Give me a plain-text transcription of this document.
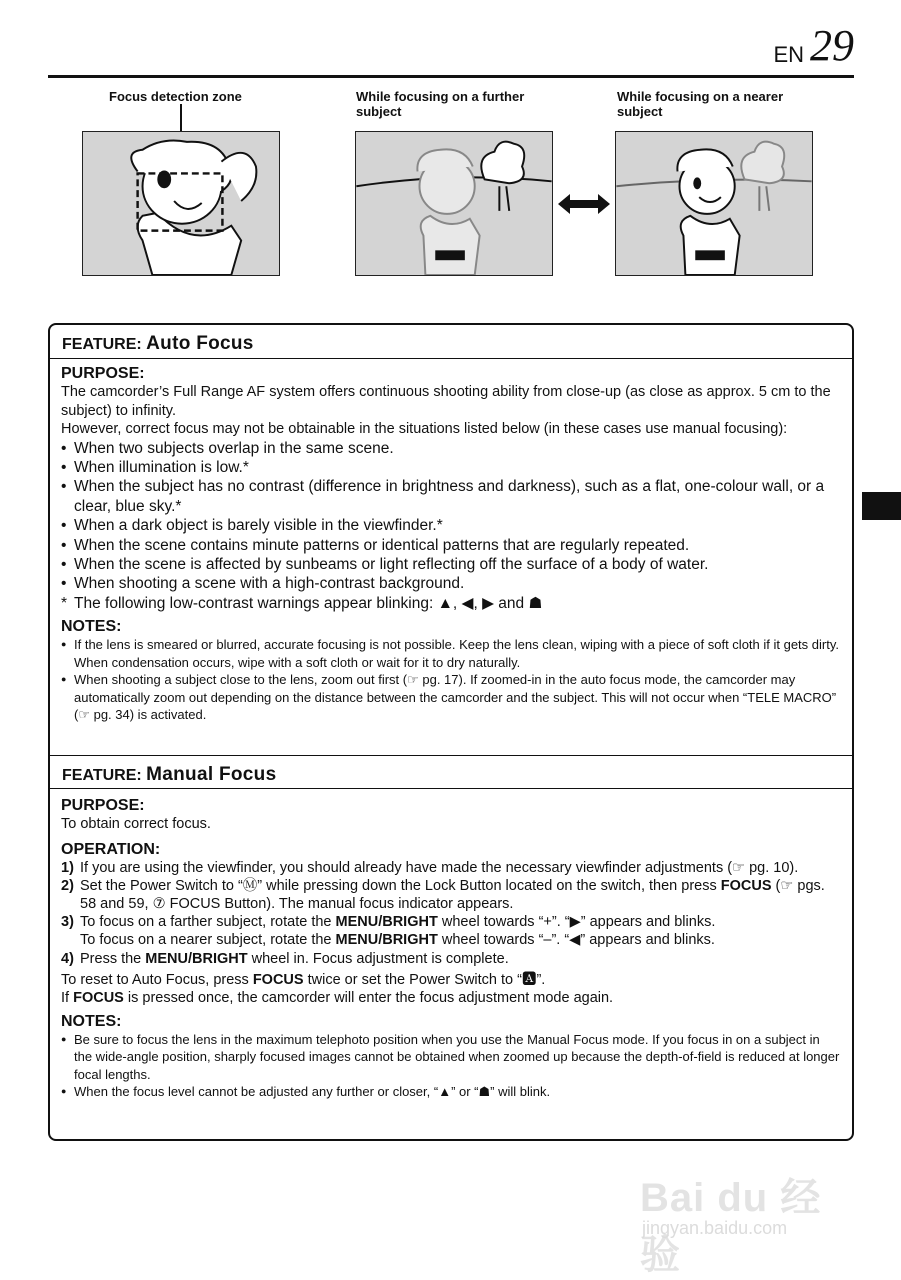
EN 29
Focus detection zone	While focusing on a further subject
While focusing on a nearer subject
FEATURE: Auto Focus
FEATURE: Manual Focus
PURPOSE:
The camcorder’s Full Range AF system offers continuous shooting ability from close-up (as close as approx. 5 cm to the subject) to infinity.
However, correct focus may not be obtainable in the situations listed below (in these cases use manual focusing):
• When two subjects overlap in the same scene.
• When illumination is low.*
• When the subject has no contrast (difference in brightness and darkness), such as a flat, one-colour wall, or a clear, blue sky.*
• When a dark object is barely visible in the viewfinder.*
• When the scene contains minute patterns or identical patterns that are regularly repeated.
• When the scene is affected by sunbeams or light reflecting off the surface of a body of water.
• When shooting a scene with a high-contrast background.
* The following low-contrast warnings appear blinking: ▲, ◀, ▶ and ☗
NOTES:
● If the lens is smeared or blurred, accurate focusing is not possible. Keep the lens clean, wiping with a piece of soft cloth if it gets dirty. When condensation occurs, wipe with a soft cloth or wait for it to dry naturally.
● When shooting a subject close to the lens, zoom out first (☞ pg. 17). If zoomed-in in the auto focus mode, the camcorder may automatically zoom out depending on the distance between the camcorder and the subject. This will not occur when “TELE MACRO” (☞ pg. 34) is activated.
PURPOSE:
To obtain correct focus.
OPERATION:
1) If you are using the viewfinder, you should already have made the necessary viewfinder adjustments (☞ pg. 10).
2) Set the Power Switch to “Ⓜ” while pressing down the Lock Button located on the switch, then press FOCUS (☞ pgs. 58 and 59, ⑦ FOCUS Button). The manual focus indicator appears.
3) To focus on a farther subject, rotate the MENU/BRIGHT wheel towards “+”. “▶” appears and blinks.
To focus on a nearer subject, rotate the MENU/BRIGHT wheel towards “–”. “◀” appears and blinks.
4) Press the MENU/BRIGHT wheel in. Focus adjustment is complete.
To reset to Auto Focus, press FOCUS twice or set the Power Switch to “🅰”.
If FOCUS is pressed once, the camcorder will enter the focus adjustment mode again.
NOTES:
● Be sure to focus the lens in the maximum telephoto position when you use the Manual Focus mode. If you focus in on a subject in the wide-angle position, sharply focused images cannot be obtained when zoomed up because the depth-of-field is reduced at longer focal lengths.
● When the focus level cannot be adjusted any further or closer, “▲” or “☗” will blink.
Bai du 经验
jingyan.baidu.com
